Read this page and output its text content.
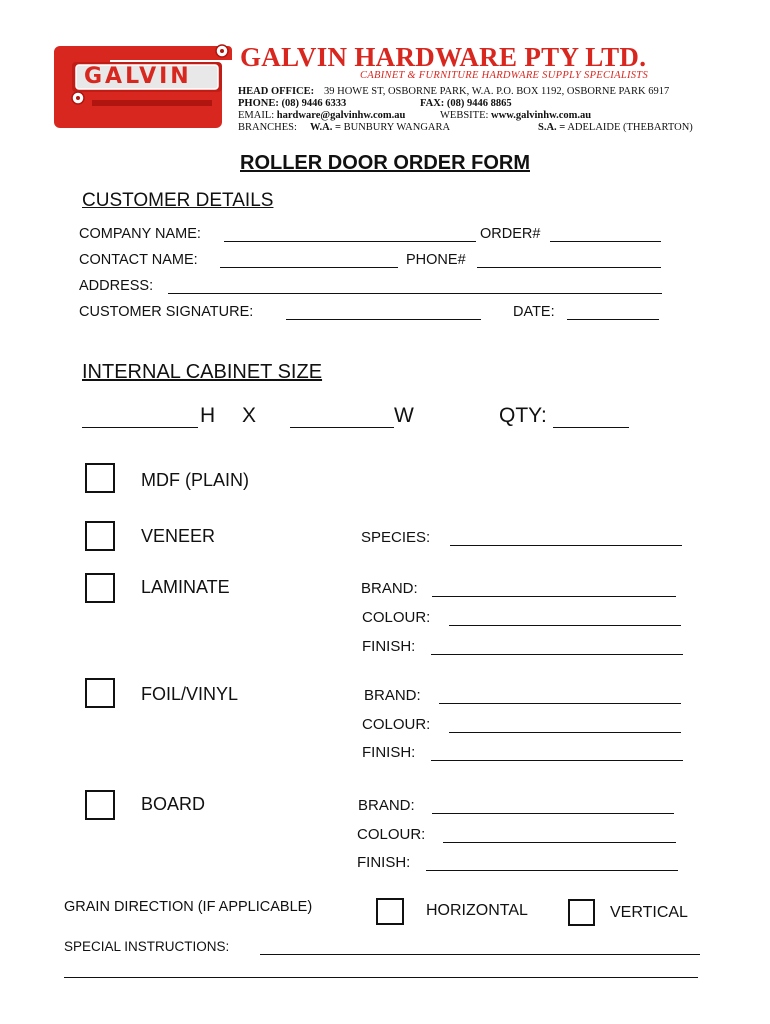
GALVIN
GALVIN HARDWARE PTY LTD.
CABINET & FURNITURE HARDWARE SUPPLY SPECIALISTS
HEAD OFFICE: 39 HOWE ST, OSBORNE PARK, W.A. P.O. BOX 1192, OSBORNE PARK 6917
PHONE: (08) 9446 6333	FAX: (08) 9446 8865
EMAIL: hardware@galvinhw.com.au	WEBSITE: www.galvinhw.com.au
BRANCHES: W.A. = BUNBURY WANGARA	S.A. = ADELAIDE (THEBARTON)
ROLLER DOOR ORDER FORM
CUSTOMER DETAILS
COMPANY NAME:	ORDER#
CONTACT NAME:	PHONE#
ADDRESS:
CUSTOMER SIGNATURE:	DATE:
INTERNAL CABINET SIZE
H X	W	QTY:
MDF (PLAIN)
VENEER	SPECIES:
LAMINATE	BRAND:
COLOUR:
FINISH:
FOIL/VINYL	BRAND:
COLOUR:
FINISH:
BOARD	BRAND:
COLOUR:
FINISH:
GRAIN DIRECTION (IF APPLICABLE)	HORIZONTAL	VERTICAL
SPECIAL INSTRUCTIONS:
